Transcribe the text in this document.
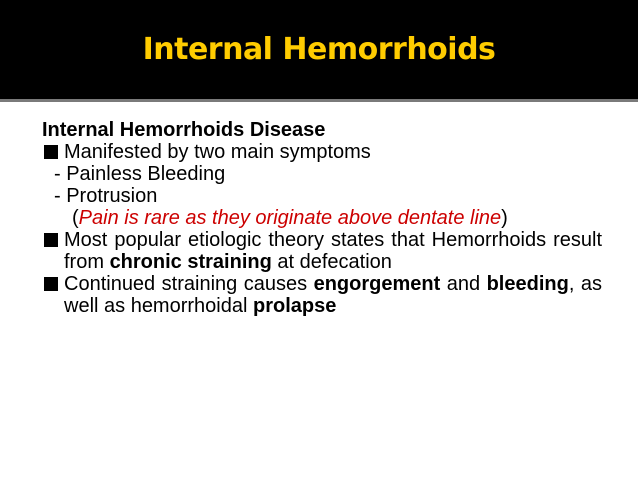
Internal Hemorrhoids
Internal Hemorrhoids Disease
Manifested by two main symptoms
- Painless Bleeding
- Protrusion
(Pain is rare as they originate above dentate line)
Most popular etiologic theory states that Hemorrhoids result from chronic straining at defecation
Continued straining causes engorgement and bleeding, as well as hemorrhoidal prolapse
